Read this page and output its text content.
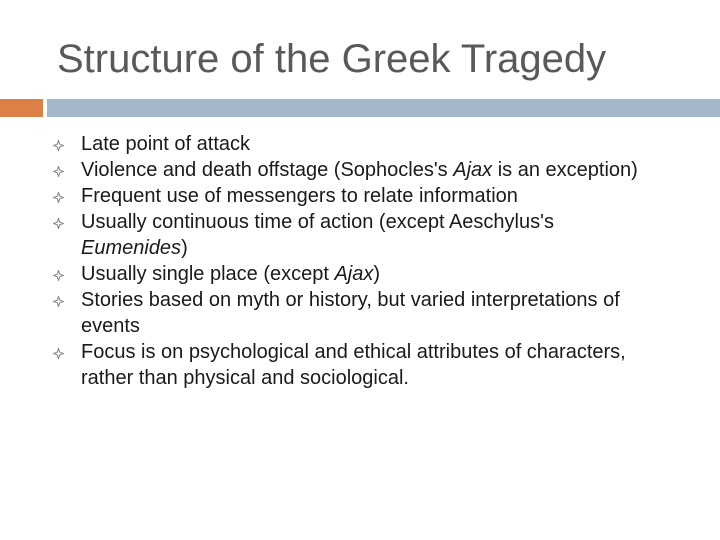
Structure of the Greek Tragedy
Late point of attack
Violence and death offstage (Sophocles's Ajax is an exception)
Frequent use of messengers to relate information
Usually continuous time of action (except Aeschylus's Eumenides)
Usually single place (except Ajax)
Stories based on myth or history, but varied interpretations of events
Focus is on psychological and ethical attributes of characters, rather than physical and sociological.
